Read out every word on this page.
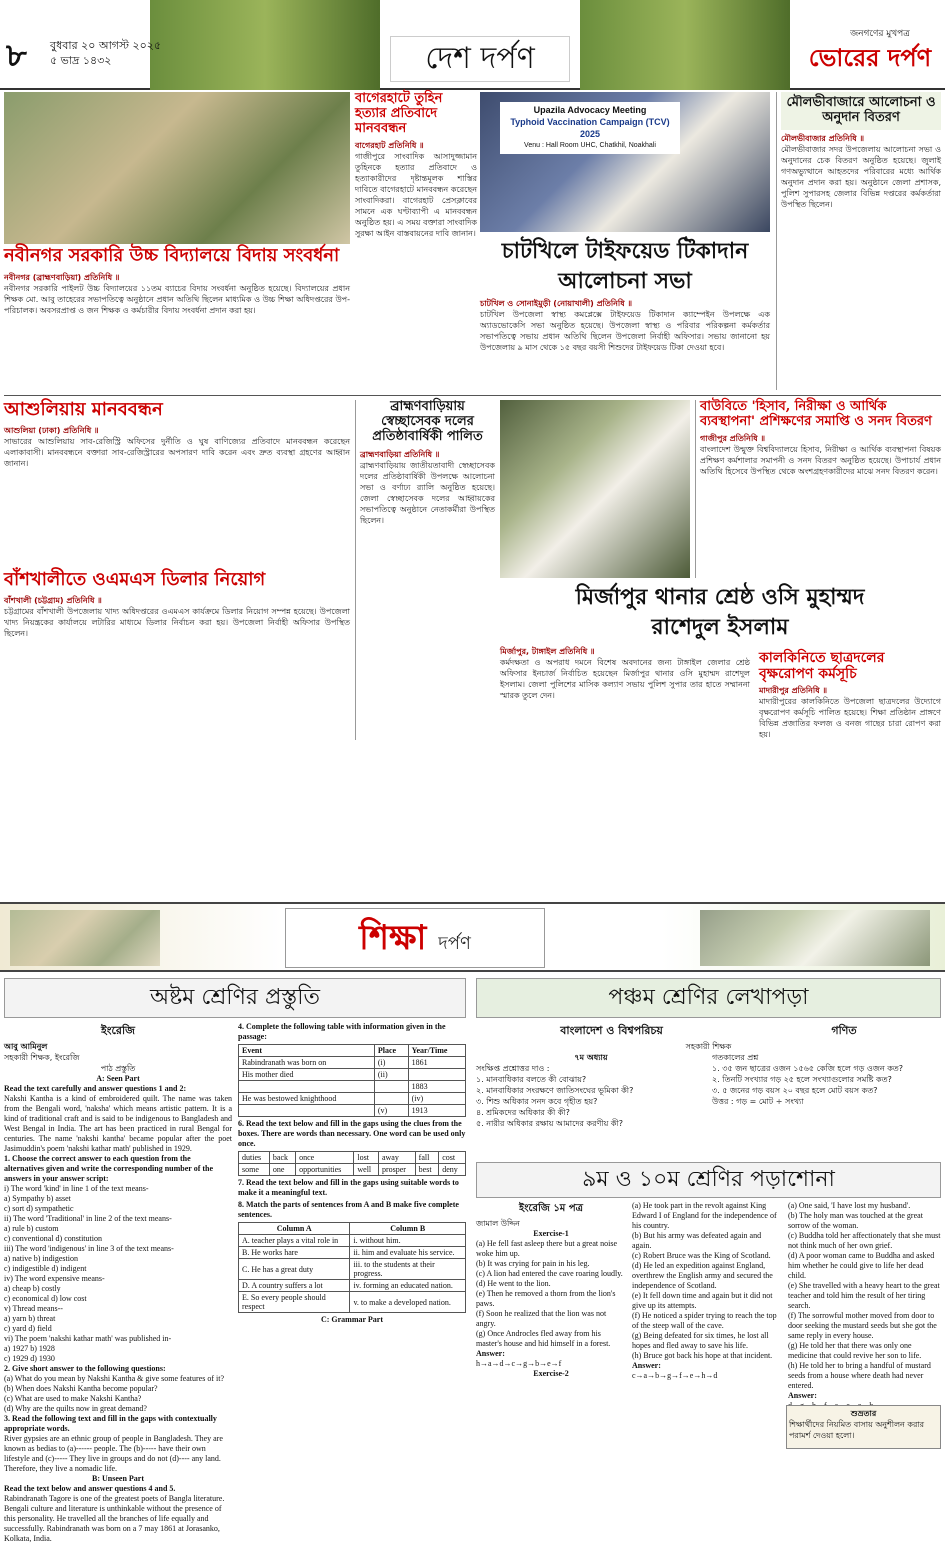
৮ বুধবার ২০ আগস্ট ২০২৫
৫ ভাদ্র ১৪৩২	দেশ দর্পণ
জনগণের মুখপত্র
ভোরের দর্পণ
নবীনগর সরকারি উচ্চ বিদ্যালয়ে বিদায় সংবর্ধনা
নবীনগর (ব্রাহ্মণবাড়িয়া) প্রতিনিধি ॥
নবীনগর সরকারি পাইলট উচ্চ বিদ্যালয়ের ১১তম ব্যাচের বিদায় সংবর্ধনা অনুষ্ঠিত হয়েছে। বিদ্যালয়ের প্রধান শিক্ষক মো. আবু তাহেরের সভাপতিত্বে অনুষ্ঠানে প্রধান অতিথি ছিলেন মাধ্যমিক ও উচ্চ শিক্ষা অধিদপ্তরের উপ-পরিচালক। অবসরপ্রাপ্ত ও জন শিক্ষক ও কর্মচারীর বিদায় সংবর্ধনা প্রদান করা হয়।
বাগেরহাটে তুহিন হত্যার প্রতিবাদে মানববন্ধন
বাগেরহাট প্রতিনিধি ॥
গাজীপুরে সাংবাদিক আসাদুজ্জামান তুহিনকে হত্যার প্রতিবাদে ও হত্যাকারীদের দৃষ্টান্তমূলক শাস্তির দাবিতে বাগেরহাটে মানববন্ধন করেছেন সাংবাদিকরা। বাগেরহাট প্রেসক্লাবের সামনে এক ঘণ্টাব্যাপী এ মানববন্ধন অনুষ্ঠিত হয়। এ সময় বক্তারা সাংবাদিক সুরক্ষা আইন বাস্তবায়নের দাবি জানান।
Upazila Advocacy Meeting
Typhoid Vaccination Campaign (TCV) 2025
Venu : Hall Room UHC, Chatkhil, Noakhali
চাটখিলে টাইফয়েড টিকাদান
আলোচনা সভা
চাটখিল ও সোনাইমুড়ী (নোয়াখালী) প্রতিনিধি ॥
চাটখিল উপজেলা স্বাস্থ্য কমপ্লেক্সে টাইফয়েড টিকাদান ক্যাম্পেইন উপলক্ষে এক অ্যাডভোকেসি সভা অনুষ্ঠিত হয়েছে। উপজেলা স্বাস্থ্য ও পরিবার পরিকল্পনা কর্মকর্তার সভাপতিত্বে সভায় প্রধান অতিথি ছিলেন উপজেলা নির্বাহী অফিসার। সভায় জানানো হয় উপজেলায় ৯ মাস থেকে ১৫ বছর বয়সী শিশুদের টাইফয়েড টিকা দেওয়া হবে।
মৌলভীবাজারে আলোচনা ও অনুদান বিতরণ
মৌলভীবাজার প্রতিনিধি ॥
মৌলভীবাজার সদর উপজেলায় আলোচনা সভা ও অনুদানের চেক বিতরণ অনুষ্ঠিত হয়েছে। জুলাই গণঅভ্যুত্থানে আহতদের পরিবারের মধ্যে আর্থিক অনুদান প্রদান করা হয়। অনুষ্ঠানে জেলা প্রশাসক, পুলিশ সুপারসহ জেলার বিভিন্ন দপ্তরের কর্মকর্তারা উপস্থিত ছিলেন।
আশুলিয়ায় মানববন্ধন
আশুলিয়া (ঢাকা) প্রতিনিধি ॥
সাভারের আশুলিয়ায় সাব-রেজিস্ট্রি অফিসের দুর্নীতি ও ঘুষ বাণিজ্যের প্রতিবাদে মানববন্ধন করেছেন এলাকাবাসী। মানববন্ধনে বক্তারা সাব-রেজিস্ট্রারের অপসারণ দাবি করেন এবং দ্রুত ব্যবস্থা গ্রহণের আহ্বান জানান।
বাঁশখালীতে ওএমএস ডিলার নিয়োগ
বাঁশখালী (চট্টগ্রাম) প্রতিনিধি ॥
চট্টগ্রামের বাঁশখালী উপজেলায় খাদ্য অধিদপ্তরের ওএমএস কার্যক্রমে ডিলার নিয়োগ সম্পন্ন হয়েছে। উপজেলা খাদ্য নিয়ন্ত্রকের কার্যালয়ে লটারির মাধ্যমে ডিলার নির্বাচন করা হয়। উপজেলা নির্বাহী অফিসার উপস্থিত ছিলেন।
ব্রাহ্মণবাড়িয়ায় স্বেচ্ছাসেবক দলের প্রতিষ্ঠাবার্ষিকী পালিত
ব্রাহ্মণবাড়িয়া প্রতিনিধি ॥
ব্রাহ্মণবাড়িয়ায় জাতীয়তাবাদী স্বেচ্ছাসেবক দলের প্রতিষ্ঠাবার্ষিকী উপলক্ষে আলোচনা সভা ও বর্ণাঢ্য র‍্যালি অনুষ্ঠিত হয়েছে। জেলা স্বেচ্ছাসেবক দলের আহ্বায়কের সভাপতিত্বে অনুষ্ঠানে নেতাকর্মীরা উপস্থিত ছিলেন।
মির্জাপুর থানার শ্রেষ্ঠ ওসি মুহাম্মদ
রাশেদুল ইসলাম
মির্জাপুর, টাঙ্গাইল প্রতিনিধি ॥
কর্মদক্ষতা ও অপরাধ দমনে বিশেষ অবদানের জন্য টাঙ্গাইল জেলার শ্রেষ্ঠ অফিসার ইনচার্জ নির্বাচিত হয়েছেন মির্জাপুর থানার ওসি মুহাম্মদ রাশেদুল ইসলাম। জেলা পুলিশের মাসিক কল্যাণ সভায় পুলিশ সুপার তার হাতে সম্মাননা স্মারক তুলে দেন।
বাউবিতে 'হিসাব, নিরীক্ষা ও আর্থিক ব্যবস্থাপনা' প্রশিক্ষণের সমাপ্তি ও সনদ বিতরণ
গাজীপুর প্রতিনিধি ॥
বাংলাদেশ উন্মুক্ত বিশ্ববিদ্যালয়ে হিসাব, নিরীক্ষা ও আর্থিক ব্যবস্থাপনা বিষয়ক প্রশিক্ষণ কর্মশালার সমাপনী ও সনদ বিতরণ অনুষ্ঠিত হয়েছে। উপাচার্য প্রধান অতিথি হিসেবে উপস্থিত থেকে অংশগ্রহণকারীদের মাঝে সনদ বিতরণ করেন।
কালকিনিতে ছাত্রদলের বৃক্ষরোপণ কর্মসূচি
মাদারীপুর প্রতিনিধি ॥
মাদারীপুরের কালকিনিতে উপজেলা ছাত্রদলের উদ্যোগে বৃক্ষরোপণ কর্মসূচি পালিত হয়েছে। শিক্ষা প্রতিষ্ঠান প্রাঙ্গণে বিভিন্ন প্রজাতির ফলজ ও বনজ গাছের চারা রোপণ করা হয়।
শিক্ষা দর্পণ
অষ্টম শ্রেণির প্রস্তুতি
ইংরেজি
আবু আমিনুল
সহকারী শিক্ষক, ইংরেজি
পাঠ প্রস্তুতি
A: Seen Part
Read the text carefully and answer questions 1 and 2:
Nakshi Kantha is a kind of embroidered quilt. The name was taken from the Bengali word, 'naksha' which means artistic pattern. It is a kind of traditional craft and is said to be indigenous to Bangladesh and West Bengal in India. The art has been practiced in rural Bengal for centuries. The name 'nakshi kantha' became popular after the poet Jasimuddin's poem 'nakshi kathar math' published in 1929.
1. Choose the correct answer to each question from the alternatives given and write the corresponding number of the answers in your answer script:
i) The word 'kind' in line 1 of the text means-
a) Sympathy b) asset
c) sort d) sympathetic
ii) The word 'Traditional' in line 2 of the text means-
a) rule b) custom
c) conventional d) constitution
iii) The word 'indigenous' in line 3 of the text means-
a) native b) indigestion
c) indigestible d) indigent
iv) The word expensive means-
a) cheap b) costly
c) economical d) low cost
v) Thread means--
a) yarn b) threat
c) yard d) field
vi) The poem 'nakshi kathar math' was published in-
a) 1927 b) 1928
c) 1929 d) 1930
2. Give short answer to the following questions:
(a) What do you mean by Nakshi Kantha & give some features of it?
(b) When does Nakshi Kantha become popular?
(c) What are used to make Nakshi Kantha?
(d) Why are the quilts now in great demand?
3. Read the following text and fill in the gaps with contextually appropriate words.
River gypsies are an ethnic group of people in Bangladesh. They are known as bedias to (a)------ people. The (b)----- have their own lifestyle and (c)----- They live in groups and do not (d)---- any land. Therefore, they live a nomadic life.
B: Unseen Part
Read the text below and answer questions 4 and 5.
Rabindranath Tagore is one of the greatest poets of Bangla literature. Bengali culture and literature is unthinkable without the presence of this personality. He travelled all the branches of life equally and successfully. Rabindranath was born on a 7 may 1861 at Jorasanko, Kolkata, India.
4. Complete the following table with information given in the passage:
Event	Place	Year/Time
Rabindranath was born on	(i)	1861
His mother died	(ii)	
		1883
He was bestowed knighthood		(iv)
	(v)	1913
6. Read the text below and fill in the gaps using the clues from the boxes. There are words than necessary. One word can be used only once.
duties	back	once	lost	away	fall	cost
some	one	opportunities	well	prosper	best	deny
7. Read the text below and fill in the gaps using suitable words to make it a meaningful text.
8. Match the parts of sentences from A and B make five complete sentences.
Column A	Column B
A. teacher plays a vital role in	i. without him.
B. He works hare	ii. him and evaluate his service.
C. He has a great duty	iii. to the students at their progress.
D. A country suffers a lot	iv. forming an educated nation.
E. So every people should respect	v. to make a developed nation.
C: Grammar Part
পঞ্চম শ্রেণির লেখাপড়া
বাংলাদেশ ও বিশ্বপরিচয়	গণিত
সহকারী শিক্ষক
৭ম অধ্যায়
সংক্ষিপ্ত প্রশ্নোত্তর দাও :
১. মানবাধিকার বলতে কী বোঝায়?
২. মানবাধিকার সংরক্ষণে জাতিসংঘের ভূমিকা কী?
৩. শিশু অধিকার সনদ কবে গৃহীত হয়?
৪. শ্রমিকদের অধিকার কী কী?
৫. নারীর অধিকার রক্ষায় আমাদের করণীয় কী?
গতকালের প্রশ্ন
১. ৩৫ জন ছাত্রের ওজন ১৫৬৫ কেজি হলে গড় ওজন কত?
২. তিনটি সংখ্যার গড় ২৫ হলে সংখ্যাগুলোর সমষ্টি কত?
৩. ৫ জনের গড় বয়স ২০ বছর হলে মোট বয়স কত?
উত্তর : গড় = মোট ÷ সংখ্যা
৯ম ও ১০ম শ্রেণির পড়াশোনা
ইংরেজি ১ম পত্র
জামাল উদ্দিন
Exercise-1
(a) He fell fast asleep there but a great noise woke him up.
(b) It was crying for pain in his leg.
(c) A lion had entered the cave roaring loudly.
(d) He went to the lion.
(e) Then he removed a thorn from the lion's paws.
(f) Soon he realized that the lion was not angry.
(g) Once Androcles fled away from his master's house and hid himself in a forest.
Answer:
h→a→d→c→g→b→e→f
Exercise-2
(a) He took part in the revolt against King Edward I of England for the independence of his country.
(b) But his army was defeated again and again.
(c) Robert Bruce was the King of Scotland.
(d) He led an expedition against England, overthrew the English army and secured the independence of Scotland.
(e) It fell down time and again but it did not give up its attempts.
(f) He noticed a spider trying to reach the top of the steep wall of the cave.
(g) Being defeated for six times, he lost all hopes and fled away to save his life.
(h) Bruce got back his hope at that incident.
Answer:
c→a→b→g→f→e→h→d
(a) One said, 'I have lost my husband'.
(b) The holy man was touched at the great sorrow of the woman.
(c) Buddha told her affectionately that she must not think much of her own grief.
(d) A poor woman came to Buddha and asked him whether he could give to life her dead child.
(e) She travelled with a heavy heart to the great teacher and told him the result of her tiring search.
(f) The sorrowful mother moved from door to door seeking the mustard seeds but she got the same reply in every house.
(g) He told her that there was only one medicine that could revive her son to life.
(h) He told her to bring a handful of mustard seeds from a house where death had never entered.
Answer:
শুভ্রতার
শিক্ষার্থীদের নিয়মিত বাসায় অনুশীলন করার পরামর্শ দেওয়া হলো।
